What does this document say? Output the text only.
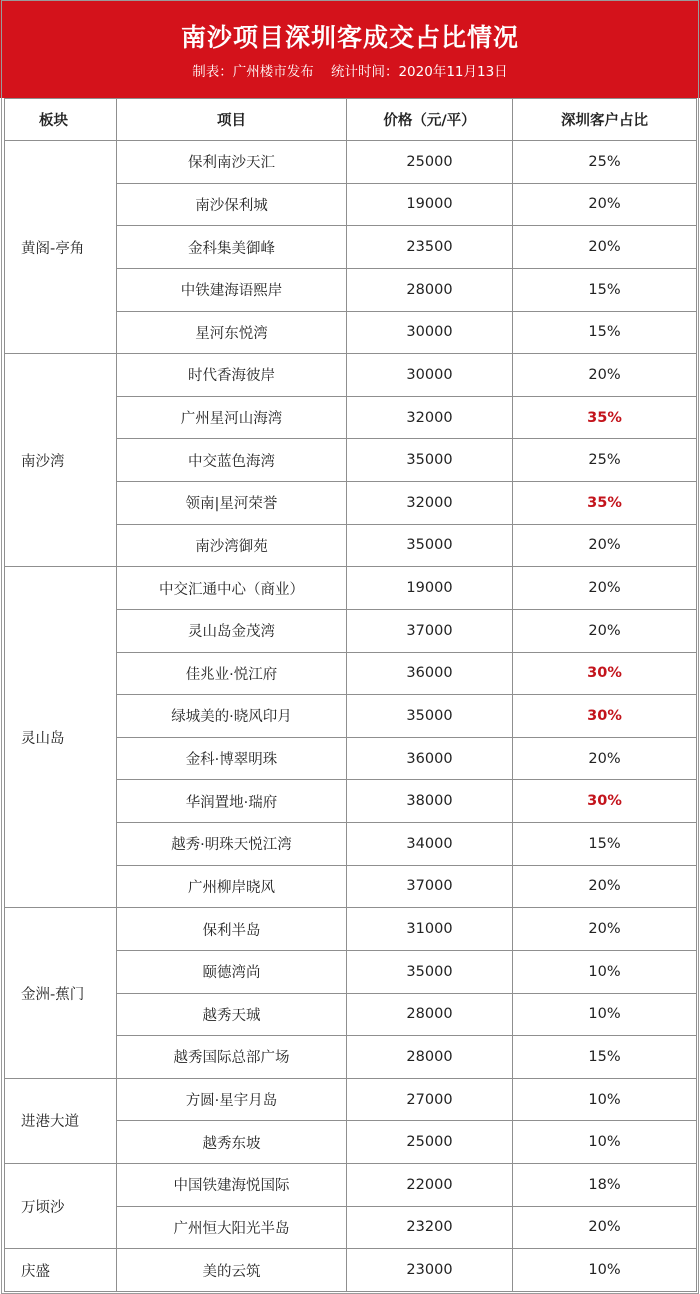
南沙项目深圳客成交占比情况
制表：广州楼市发布    统计时间：2020年11月13日
板块	项目	价格（元/平）	深圳客户占比
黄阁-亭角	保利南沙天汇	25000	25%
	南沙保利城	19000	20%
	金科集美御峰	23500	20%
	中铁建海语熙岸	28000	15%
	星河东悦湾	30000	15%
南沙湾	时代香海彼岸	30000	20%
	广州星河山海湾	32000	35%
	中交蓝色海湾	35000	25%
	领南|星河荣誉	32000	35%
	南沙湾御苑	35000	20%
灵山岛	中交汇通中心（商业）	19000	20%
	灵山岛金茂湾	37000	20%
	佳兆业·悦江府	36000	30%
	绿城美的·晓风印月	35000	30%
	金科·博翠明珠	36000	20%
	华润置地·瑞府	38000	30%
	越秀·明珠天悦江湾	34000	15%
	广州柳岸晓风	37000	20%
金洲-蕉门	保利半岛	31000	20%
	颐德湾尚	35000	10%
	越秀天珹	28000	10%
	越秀国际总部广场	28000	15%
进港大道	方圆·星宇月岛	27000	10%
	越秀东坡	25000	10%
万顷沙	中国铁建海悦国际	22000	18%
	广州恒大阳光半岛	23200	20%
庆盛	美的云筑	23000	10%
